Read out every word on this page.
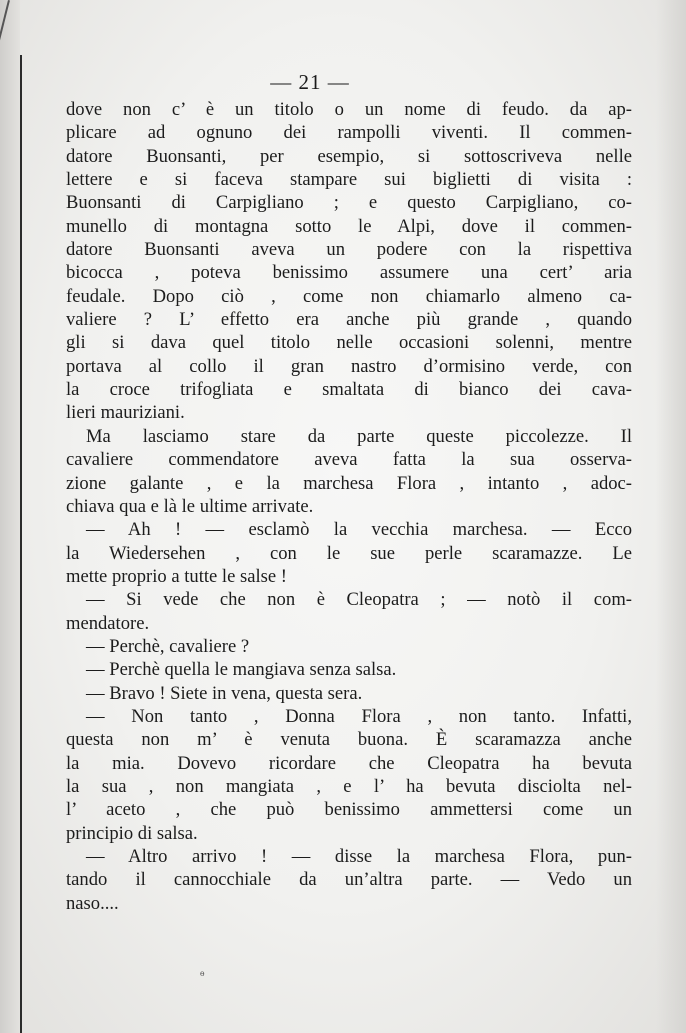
— 21 —
dove non c’ è un titolo o un nome di feudo. da ap-
plicare ad ognuno dei rampolli viventi. Il commen-
datore Buonsanti, per esempio, si sottoscriveva nelle
lettere e si faceva stampare sui biglietti di visita :
Buonsanti di Carpigliano ; e questo Carpigliano, co-
munello di montagna sotto le Alpi, dove il commen-
datore Buonsanti aveva un podere con la rispettiva
bicocca , poteva benissimo assumere una cert’ aria
feudale. Dopo ciò , come non chiamarlo almeno ca-
valiere ? L’ effetto era anche più grande , quando
gli si dava quel titolo nelle occasioni solenni, mentre
portava al collo il gran nastro d’ormisino verde, con
la croce trifogliata e smaltata di bianco dei cava-
lieri mauriziani.
Ma lasciamo stare da parte queste piccolezze. Il
cavaliere commendatore aveva fatta la sua osserva-
zione galante , e la marchesa Flora , intanto , adoc-
chiava qua e là le ultime arrivate.
— Ah ! — esclamò la vecchia marchesa. — Ecco
la Wiedersehen , con le sue perle scaramazze. Le
mette proprio a tutte le salse !
— Si vede che non è Cleopatra ; — notò il com-
mendatore.
— Perchè, cavaliere ?
— Perchè quella le mangiava senza salsa.
— Bravo ! Siete in vena, questa sera.
— Non tanto , Donna Flora , non tanto. Infatti,
questa non m’ è venuta buona. È scaramazza anche
la mia. Dovevo ricordare che Cleopatra ha bevuta
la sua , non mangiata , e l’ ha bevuta disciolta nel-
l’ aceto , che può benissimo ammettersi come un
principio di salsa.
— Altro arrivo ! — disse la marchesa Flora, pun-
tando il cannocchiale da un’altra parte. — Vedo un
naso....
ɵ
